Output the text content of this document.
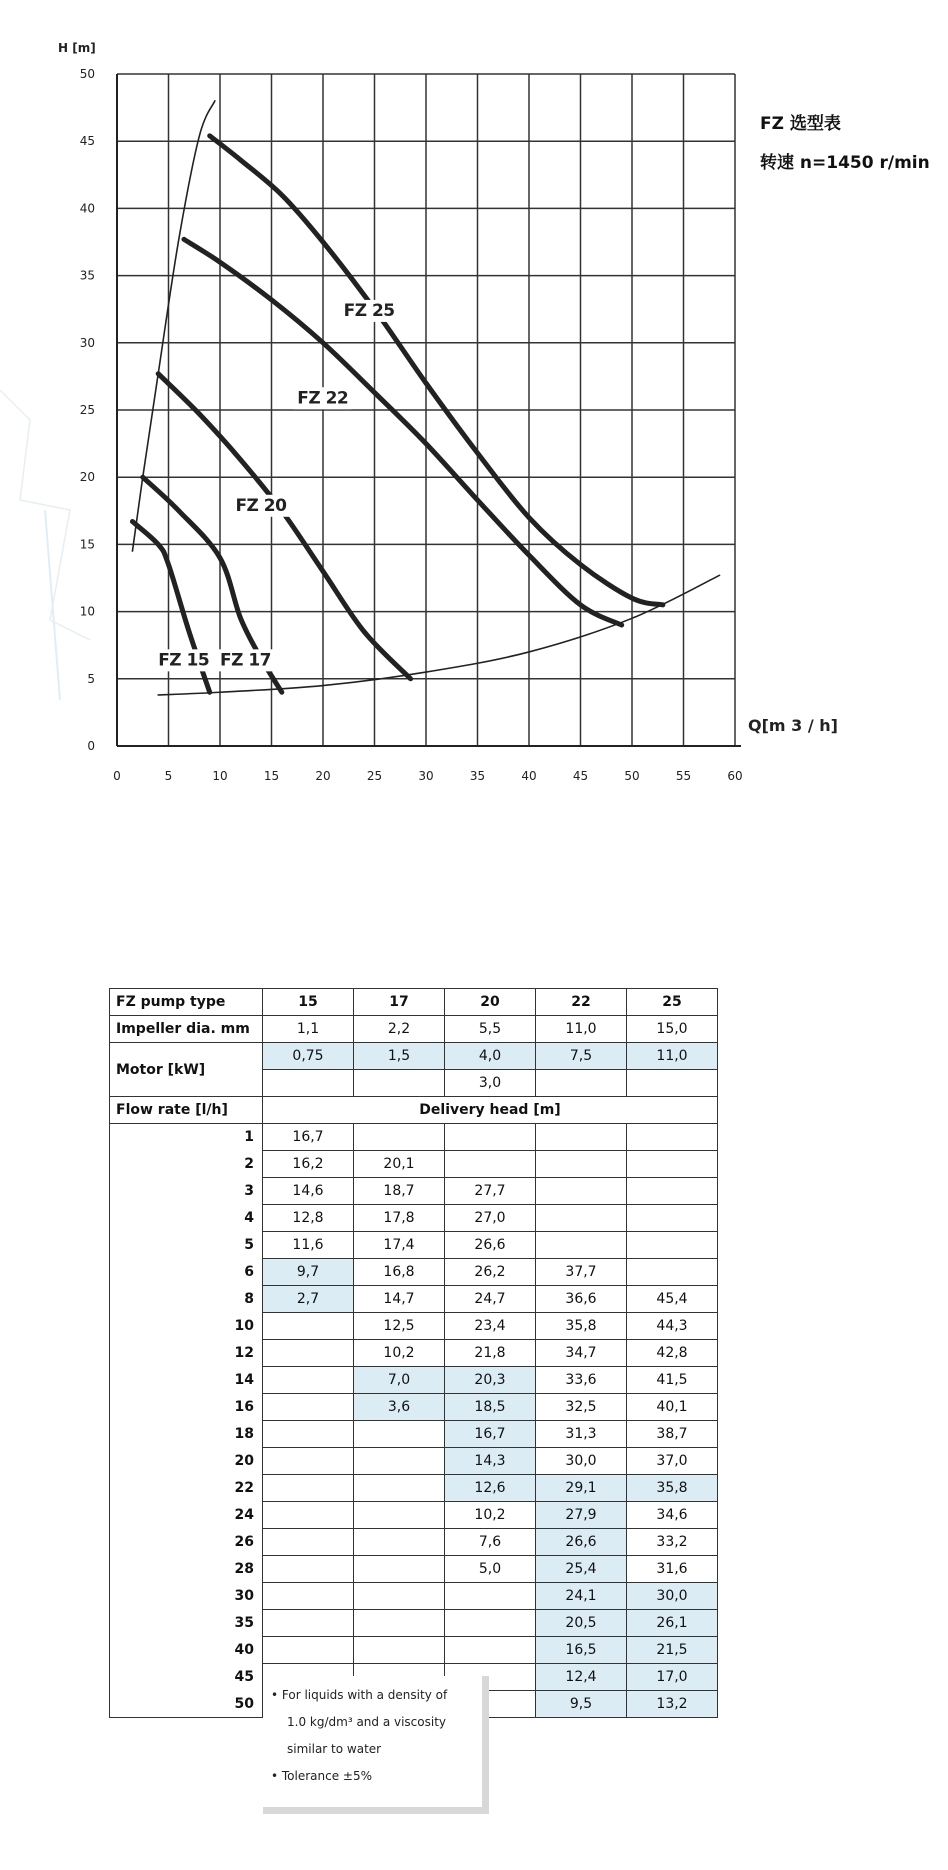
0	5	10	15	20	25	30	35	40	45	50	55	60
0
5
10
15
20
25
30
35
40
45
50
H [m]
Q[m 3 / h]
FZ 25
FZ 22
FZ 20
FZ 15 FZ 17
FZ 选型表
转速 n=1450 r/min
FZ pump type	15	17	20	22	25
Impeller dia. mm	1,1	2,2	5,5	11,0	15,0
Motor [kW]	0,75	1,5	4,0	7,5	11,0
			3,0		
Flow rate [l/h]	Delivery head [m]				
1	16,7				
2	16,2	20,1			
3	14,6	18,7	27,7		
4	12,8	17,8	27,0		
5	11,6	17,4	26,6		
6	9,7	16,8	26,2	37,7	
8	2,7	14,7	24,7	36,6	45,4
10		12,5	23,4	35,8	44,3
12		10,2	21,8	34,7	42,8
14		7,0	20,3	33,6	41,5
16		3,6	18,5	32,5	40,1
18			16,7	31,3	38,7
20			14,3	30,0	37,0
22			12,6	29,1	35,8
24			10,2	27,9	34,6
26			7,6	26,6	33,2
28			5,0	25,4	31,6
30				24,1	30,0
35				20,5	26,1
40				16,5	21,5
45				12,4	17,0
50				9,5	13,2
• For liquids with a density of
1.0 kg/dm³ and a viscosity
similar to water
• Tolerance ±5%
